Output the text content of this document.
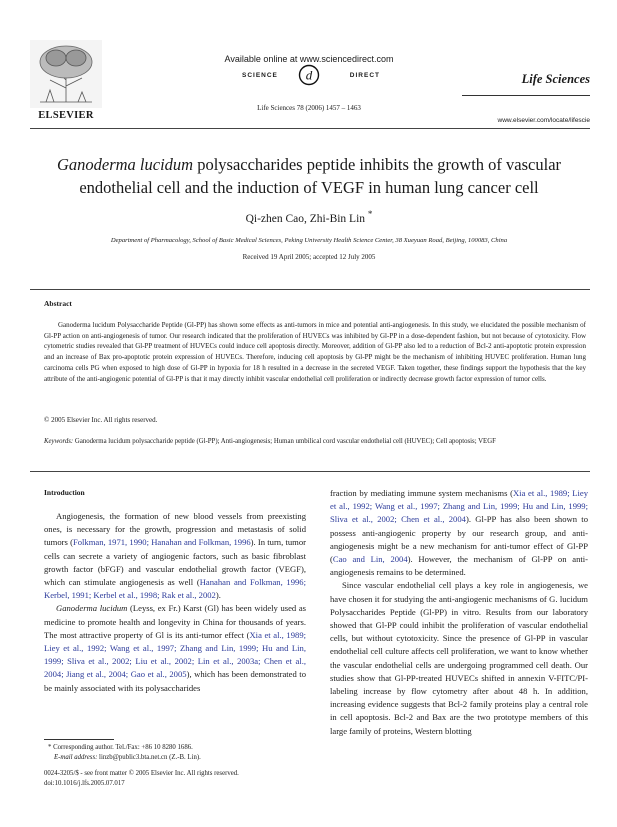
ELSEVIER
Available online at www.sciencedirect.com
SCIENCE d	DIRECT
Life Sciences 78 (2006) 1457 – 1463
Life Sciences
www.elsevier.com/locate/lifescie
Ganoderma lucidum polysaccharides peptide inhibits the growth of vascular
endothelial cell and the induction of VEGF in human lung cancer cell
Qi-zhen Cao, Zhi-Bin Lin *
Department of Pharmacology, School of Basic Medical Sciences, Peking University Health Science Center, 38 Xueyuan Road, Beijing, 100083, China
Received 19 April 2005; accepted 12 July 2005
Abstract

Ganoderma lucidum Polysaccharide Peptide (Gl-PP) has shown some effects as anti-tumors in mice and potential anti-angiogenesis. In this study, we elucidated the possible mechanism of Gl-PP action on anti-angiogenesis of tumor. Our research indicated that the proliferation of HUVECs was inhibited by Gl-PP in a dose-dependent fashion, but not because of cytotoxicity. Flow cytometric studies revealed that Gl-PP treatment of HUVECs could induce cell apoptosis directly. Moreover, addition of Gl-PP also led to a reduction of Bcl-2 anti-apoptotic protein expression and an increase of Bax pro-apoptotic protein expression of HUVECs. Therefore, inducing cell apoptosis by Gl-PP might be the mechanism of inhibiting HUVEC proliferation. Human lung carcinoma cells PG when exposed to high dose of Gl-PP in hypoxia for 18 h resulted in a decrease in the secreted VEGF. Taken together, these findings support the hypothesis that the key attribute of the anti-angiogenic potential of Gl-PP is that it may directly inhibit vascular endothelial cell proliferation or indirectly decrease growth factor expression of tumor cells.

© 2005 Elsevier Inc. All rights reserved.

Keywords: Ganoderma lucidum polysaccharide peptide (Gl-PP); Anti-angiogenesis; Human umbilical cord vascular endothelial cell (HUVEC); Cell apoptosis; VEGF

Introduction

Angiogenesis, the formation of new blood vessels from preexisting ones, is necessary for the growth, progression and metastasis of solid tumors (Folkman, 1971, 1990; Hanahan and Folkman, 1996). In turn, tumor cells can secrete a variety of angiogenic factors, such as basic fibroblast growth factor (bFGF) and vascular endothelial growth factor (VEGF), which can stimulate angiogenesis as well (Hanahan and Folkman, 1996; Kerbel, 1991; Kerbel et al., 1998; Rak et al., 2002).

Ganoderma lucidum (Leyss, ex Fr.) Karst (Gl) has been widely used as medicine to promote health and longevity in China for thousands of years. The most attractive property of Gl is its anti-tumor effect (Xia et al., 1989; Liey et al., 1992; Wang et al., 1997; Zhang and Lin, 1999; Hu and Lin, 1999; Sliva et al., 2002; Liu et al., 2002; Lin et al., 2003a; Chen et al., 2004; Jiang et al., 2004; Gao et al., 2005), which has been demonstrated to be mainly associated with its polysaccharides

fraction by mediating immune system mechanisms (Xia et al., 1989; Liey et al., 1992; Wang et al., 1997; Zhang and Lin, 1999; Hu and Lin, 1999; Sliva et al., 2002; Chen et al., 2004). Gl-PP has also been shown to possess anti-angiogenic property by our research group, and anti-angiogenesis might be a new mechanism for anti-tumor effect of Gl-PP (Cao and Lin, 2004). However, the mechanism of Gl-PP on anti-angiogenesis remains to be determined.

Since vascular endothelial cell plays a key role in angiogenesis, we have chosen it for studying the anti-angiogenic mechanisms of G. lucidum Polysaccharides Peptide (Gl-PP) in vitro. Results from our laboratory showed that Gl-PP could inhibit the proliferation of vascular endothelial cells, but without cytotoxicity. Since the presence of Gl-PP in vascular endothelial cell culture affects cell proliferation, we want to know whether the vascular endothelial cells are undergoing programmed cell death. Our studies show that Gl-PP-treated HUVECs shifted in annexin V-FITC/PI-labeling increase by flow cytometry after about 48 h. In addition, increasing evidence suggests that Bcl-2 family proteins play a central role in cell apoptosis. Bcl-2 and Bax are the two prototype members of this large family of proteins, Western blotting

* Corresponding author. Tel./Fax: +86 10 8280 1686.
E-mail address: linzb@public3.bta.net.cn (Z.-B. Lin).
0024-3205/$ - see front matter © 2005 Elsevier Inc. All rights reserved.
doi:10.1016/j.lfs.2005.07.017
